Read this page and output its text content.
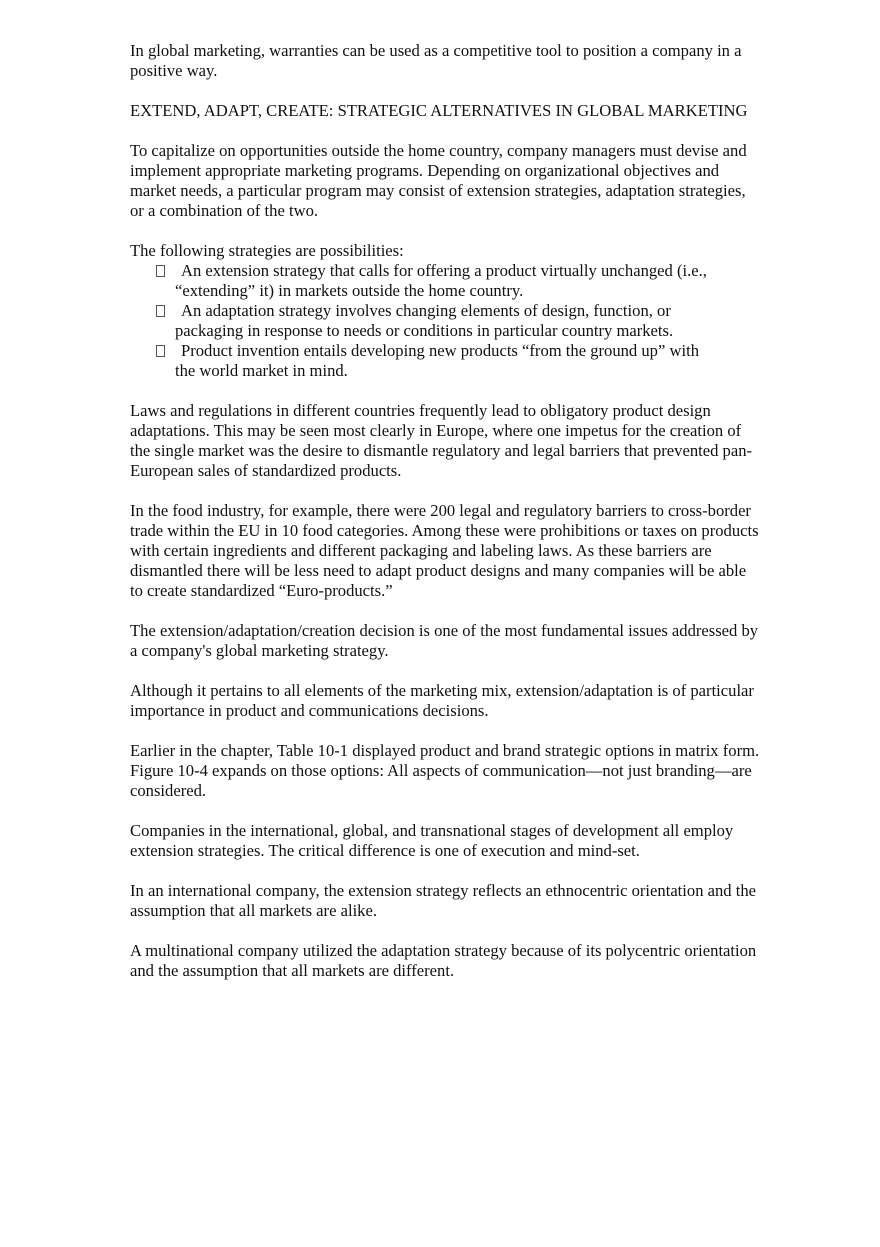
In global marketing, warranties can be used as a competitive tool to position a company in a positive way.

EXTEND, ADAPT, CREATE: STRATEGIC ALTERNATIVES IN GLOBAL MARKETING

To capitalize on opportunities outside the home country, company managers must devise and implement appropriate marketing programs. Depending on organizational objectives and market needs, a particular program may consist of extension strategies, adaptation strategies, or a combination of the two.

The following strategies are possibilities:

An extension strategy that calls for offering a product virtually unchanged (i.e.,
“extending” it) in markets outside the home country.
An adaptation strategy involves changing elements of design, function, or
packaging in response to needs or conditions in particular country markets.
Product invention entails developing new products “from the ground up” with
the world market in mind.

Laws and regulations in different countries frequently lead to obligatory product design adaptations. This may be seen most clearly in Europe, where one impetus for the creation of the single market was the desire to dismantle regulatory and legal barriers that prevented pan-European sales of standardized products.

In the food industry, for example, there were 200 legal and regulatory barriers to cross-border trade within the EU in 10 food categories. Among these were prohibitions or taxes on products with certain ingredients and different packaging and labeling laws. As these barriers are dismantled there will be less need to adapt product designs and many companies will be able to create standardized “Euro-products.”

The extension/adaptation/creation decision is one of the most fundamental issues addressed by a company's global marketing strategy.

Although it pertains to all elements of the marketing mix, extension/adaptation is of particular importance in product and communications decisions.

Earlier in the chapter, Table 10-1 displayed product and brand strategic options in matrix form. Figure 10-4 expands on those options: All aspects of communication—not just branding—are considered.

Companies in the international, global, and transnational stages of development all employ extension strategies. The critical difference is one of execution and mind-set.

In an international company, the extension strategy reflects an ethnocentric orientation and the assumption that all markets are alike.

A multinational company utilized the adaptation strategy because of its polycentric orientation and the assumption that all markets are different.
